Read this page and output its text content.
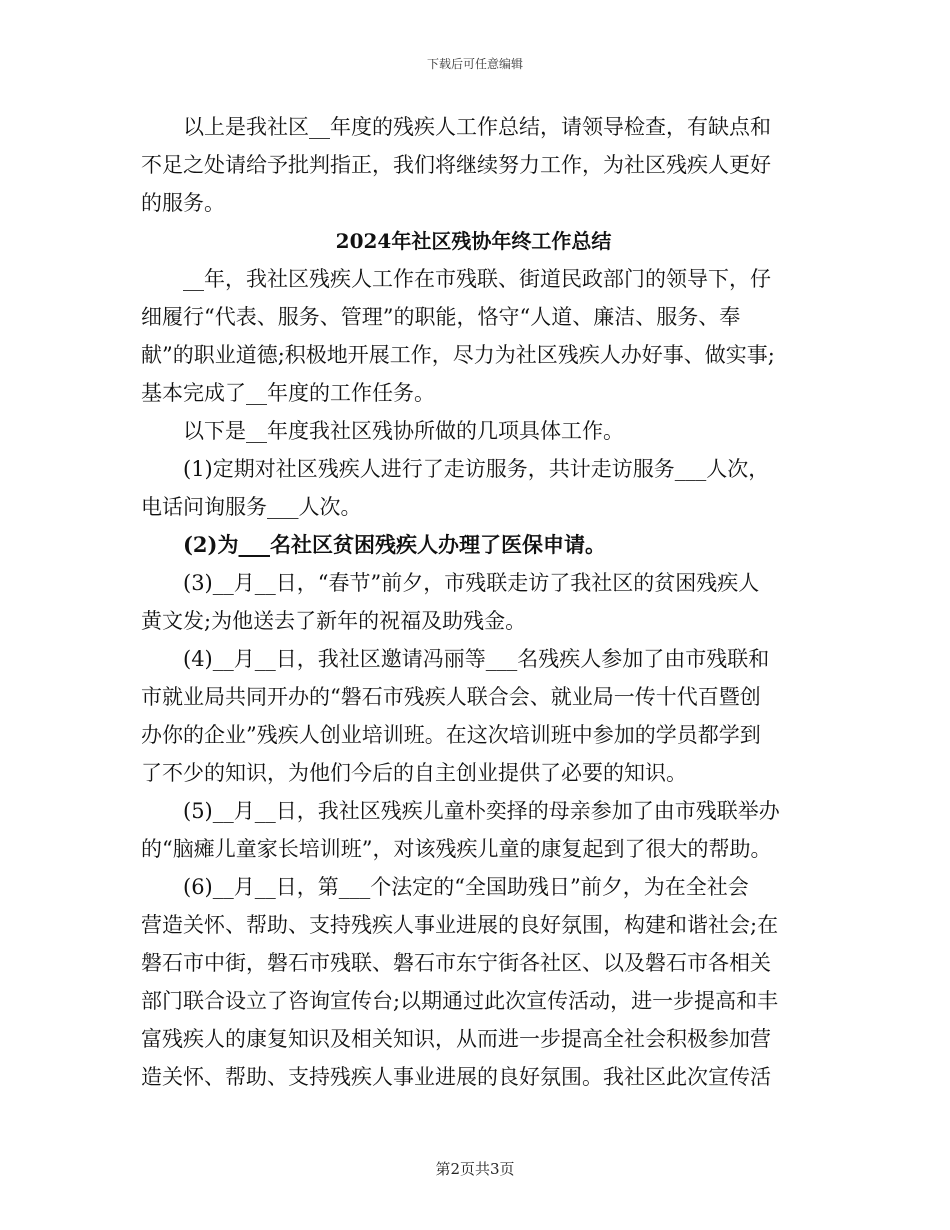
下载后可任意编辑
以上是我社区__年度的残疾人工作总结，请领导检查，有缺点和
不足之处请给予批判指正，我们将继续努力工作，为社区残疾人更好
的服务。
2024年社区残协年终工作总结
__年，我社区残疾人工作在市残联、街道民政部门的领导下，仔
细履行“代表、服务、管理”的职能，恪守“人道、廉洁、服务、奉
献”的职业道德;积极地开展工作，尽力为社区残疾人办好事、做实事;
基本完成了__年度的工作任务。
以下是__年度我社区残协所做的几项具体工作。
(1)定期对社区残疾人进行了走访服务，共计走访服务___人次，
电话问询服务___人次。
(2)为___名社区贫困残疾人办理了医保申请。
(3)__月__日，“春节”前夕，市残联走访了我社区的贫困残疾人
黄文发;为他送去了新年的祝福及助残金。
(4)__月__日，我社区邀请冯丽等___名残疾人参加了由市残联和
市就业局共同开办的“磐石市残疾人联合会、就业局一传十代百暨创
办你的企业”残疾人创业培训班。在这次培训班中参加的学员都学到
了不少的知识，为他们今后的自主创业提供了必要的知识。
(5)__月__日，我社区残疾儿童朴奕择的母亲参加了由市残联举办
的“脑瘫儿童家长培训班”，对该残疾儿童的康复起到了很大的帮助。
(6)__月__日，第___个法定的“全国助残日”前夕，为在全社会
营造关怀、帮助、支持残疾人事业进展的良好氛围，构建和谐社会;在
磐石市中街，磐石市残联、磐石市东宁街各社区、以及磐石市各相关
部门联合设立了咨询宣传台;以期通过此次宣传活动，进一步提高和丰
富残疾人的康复知识及相关知识，从而进一步提高全社会积极参加营
造关怀、帮助、支持残疾人事业进展的良好氛围。我社区此次宣传活
第2页共3页
